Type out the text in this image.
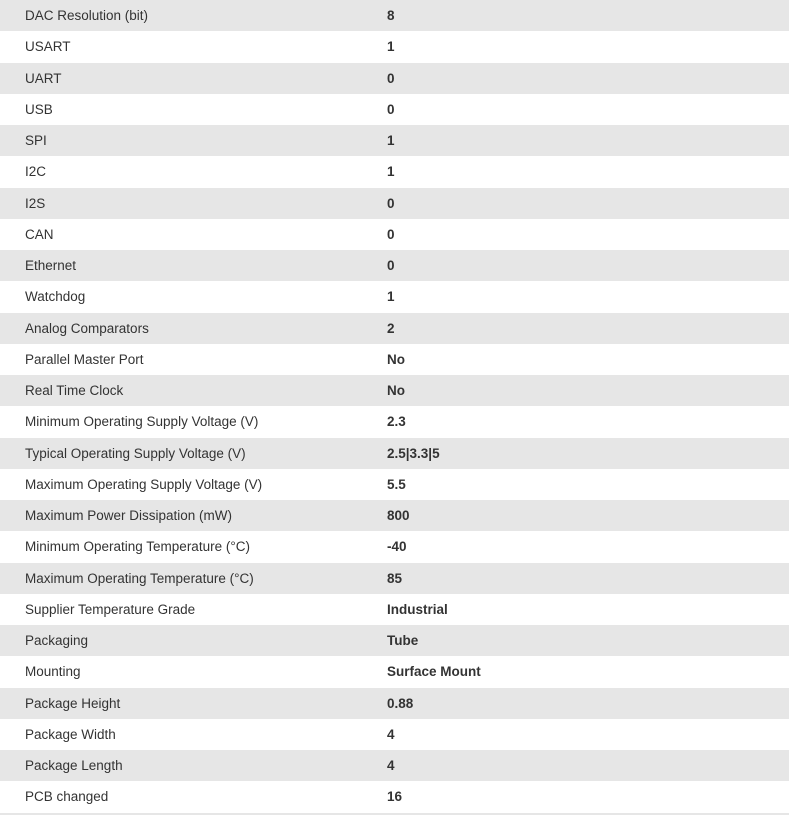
DAC Resolution (bit)	8
USART	1
UART	0
USB	0
SPI	1
I2C	1
I2S	0
CAN	0
Ethernet	0
Watchdog	1
Analog Comparators	2
Parallel Master Port	No
Real Time Clock	No
Minimum Operating Supply Voltage (V)	2.3
Typical Operating Supply Voltage (V)	2.5|3.3|5
Maximum Operating Supply Voltage (V)	5.5
Maximum Power Dissipation (mW)	800
Minimum Operating Temperature (°C)	-40
Maximum Operating Temperature (°C)	85
Supplier Temperature Grade	Industrial
Packaging	Tube
Mounting	Surface Mount
Package Height	0.88
Package Width	4
Package Length	4
PCB changed	16
